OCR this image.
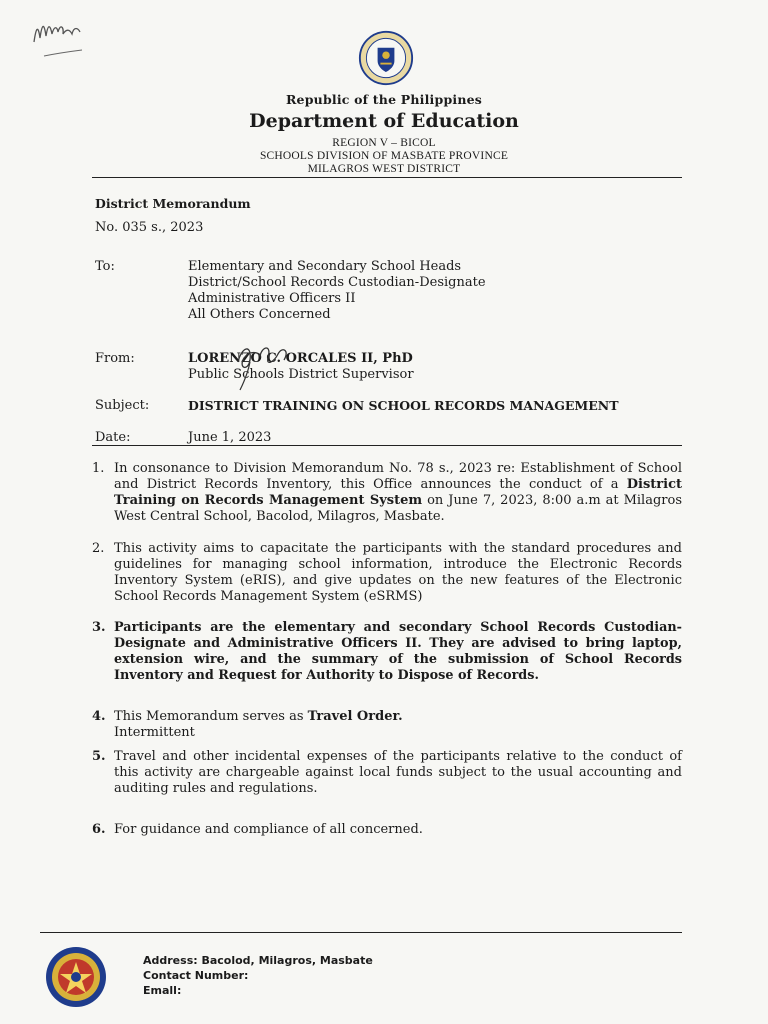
Republic of the Philippines
Department of Education
REGION V – BICOL
SCHOOLS DIVISION OF MASBATE PROVINCE
MILAGROS WEST DISTRICT
District Memorandum
No. 035 s., 2023
To:	Elementary and Secondary School Heads
District/School Records Custodian-Designate
Administrative Officers II
All Others Concerned
From:	LORENZO C. ORCALES II, PhD
Public Schools District Supervisor
Subject:	DISTRICT TRAINING ON SCHOOL RECORDS MANAGEMENT
Date:	June 1, 2023
1. In consonance to Division Memorandum No. 78 s., 2023 re: Establishment of School and District Records Inventory, this Office announces the conduct of a District Training on Records Management System on June 7, 2023, 8:00 a.m at Milagros West Central School, Bacolod, Milagros, Masbate.
2. This activity aims to capacitate the participants with the standard procedures and guidelines for managing school information, introduce the Electronic Records Inventory System (eRIS), and give updates on the new features of the Electronic School Records Management System (eSRMS)
3. Participants are the elementary and secondary School Records Custodian-Designate and Administrative Officers II. They are advised to bring laptop, extension wire, and the summary of the submission of School Records Inventory and Request for Authority to Dispose of Records.
4. This Memorandum serves as Travel Order.
Intermittent
5. Travel and other incidental expenses of the participants relative to the conduct of this activity are chargeable against local funds subject to the usual accounting and auditing rules and regulations.
6. For guidance and compliance of all concerned.
Address: Bacolod, Milagros, Masbate
Contact Number:
Emall:
